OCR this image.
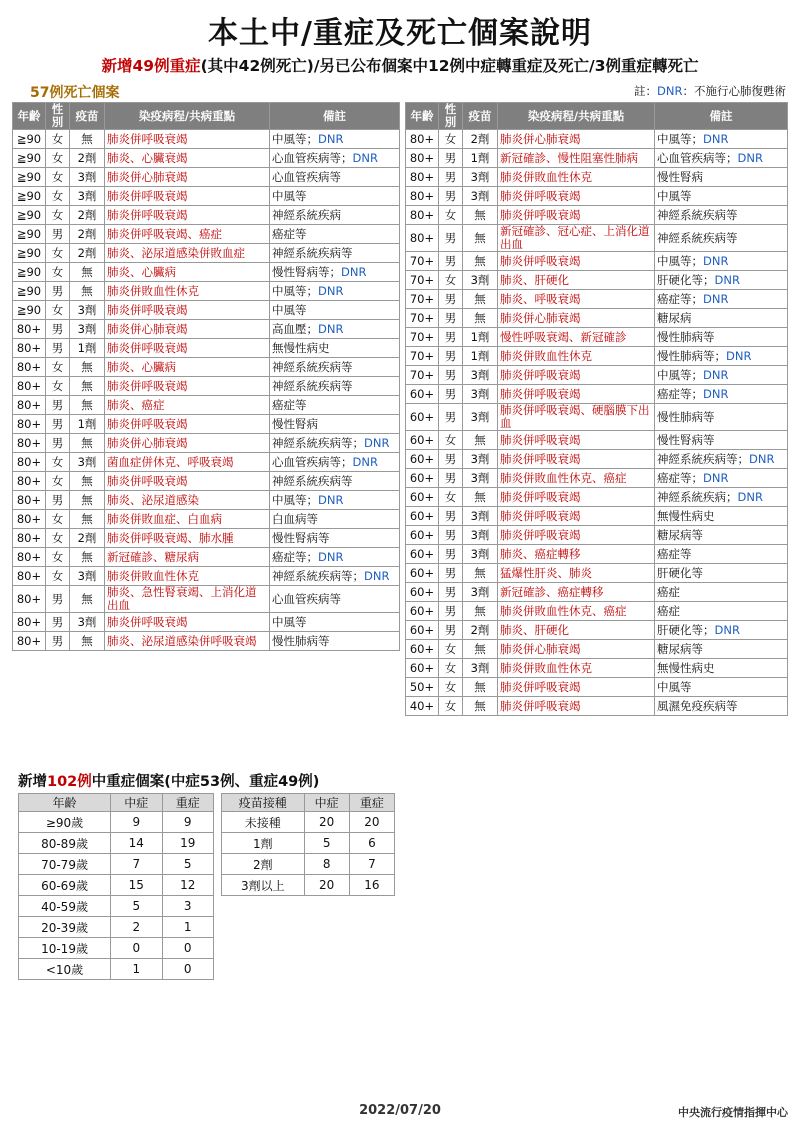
本土中/重症及死亡個案說明
新增49例重症(其中42例死亡)/另已公布個案中12例中症轉重症及死亡/3例重症轉死亡
57例死亡個案	註：DNR：不施行心肺復甦術
年齡	性別	疫苗	染疫病程/共病重點	備註
≧90	女	無	肺炎併呼吸衰竭	中風等；DNR
≧90	女	2劑	肺炎、心臟衰竭	心血管疾病等；DNR
≧90	女	3劑	肺炎併心肺衰竭	心血管疾病等
≧90	女	3劑	肺炎併呼吸衰竭	中風等
≧90	女	2劑	肺炎併呼吸衰竭	神經系統疾病
≧90	男	2劑	肺炎併呼吸衰竭、癌症	癌症等
≧90	女	2劑	肺炎、泌尿道感染併敗血症	神經系統疾病等
≧90	女	無	肺炎、心臟病	慢性腎病等；DNR
≧90	男	無	肺炎併敗血性休克	中風等；DNR
≧90	女	3劑	肺炎併呼吸衰竭	中風等
80+	男	3劑	肺炎併心肺衰竭	高血壓；DNR
80+	男	1劑	肺炎併呼吸衰竭	無慢性病史
80+	女	無	肺炎、心臟病	神經系統疾病等
80+	女	無	肺炎併呼吸衰竭	神經系統疾病等
80+	男	無	肺炎、癌症	癌症等
80+	男	1劑	肺炎併呼吸衰竭	慢性腎病
80+	男	無	肺炎併心肺衰竭	神經系統疾病等；DNR
80+	女	3劑	菌血症併休克、呼吸衰竭	心血管疾病等；DNR
80+	女	無	肺炎併呼吸衰竭	神經系統疾病等
80+	男	無	肺炎、泌尿道感染	中風等；DNR
80+	女	無	肺炎併敗血症、白血病	白血病等
80+	女	2劑	肺炎併呼吸衰竭、肺水腫	慢性腎病等
80+	女	無	新冠確診、糖尿病	癌症等；DNR
80+	女	3劑	肺炎併敗血性休克	神經系統疾病等；DNR
80+	男	無	肺炎、急性腎衰竭、上消化道出血	心血管疾病等
80+	男	3劑	肺炎併呼吸衰竭	中風等
80+	男	無	肺炎、泌尿道感染併呼吸衰竭	慢性肺病等
年齡	性別	疫苗	染疫病程/共病重點	備註
80+	女	2劑	肺炎併心肺衰竭	中風等；DNR
80+	男	1劑	新冠確診、慢性阻塞性肺病	心血管疾病等；DNR
80+	男	3劑	肺炎併敗血性休克	慢性腎病
80+	男	3劑	肺炎併呼吸衰竭	中風等
80+	女	無	肺炎併呼吸衰竭	神經系統疾病等
80+	男	無	新冠確診、冠心症、上消化道出血	神經系統疾病等
70+	男	無	肺炎併呼吸衰竭	中風等；DNR
70+	女	3劑	肺炎、肝硬化	肝硬化等；DNR
70+	男	無	肺炎、呼吸衰竭	癌症等；DNR
70+	男	無	肺炎併心肺衰竭	糖尿病
70+	男	1劑	慢性呼吸衰竭、新冠確診	慢性肺病等
70+	男	1劑	肺炎併敗血性休克	慢性肺病等；DNR
70+	男	3劑	肺炎併呼吸衰竭	中風等；DNR
60+	男	3劑	肺炎併呼吸衰竭	癌症等；DNR
60+	男	3劑	肺炎併呼吸衰竭、硬腦膜下出血	慢性肺病等
60+	女	無	肺炎併呼吸衰竭	慢性腎病等
60+	男	3劑	肺炎併呼吸衰竭	神經系統疾病等；DNR
60+	男	3劑	肺炎併敗血性休克、癌症	癌症等；DNR
60+	女	無	肺炎併呼吸衰竭	神經系統疾病；DNR
60+	男	3劑	肺炎併呼吸衰竭	無慢性病史
60+	男	3劑	肺炎併呼吸衰竭	糖尿病等
60+	男	3劑	肺炎、癌症轉移	癌症等
60+	男	無	猛爆性肝炎、肺炎	肝硬化等
60+	男	3劑	新冠確診、癌症轉移	癌症
60+	男	無	肺炎併敗血性休克、癌症	癌症
60+	男	2劑	肺炎、肝硬化	肝硬化等；DNR
60+	女	無	肺炎併心肺衰竭	糖尿病等
60+	女	3劑	肺炎併敗血性休克	無慢性病史
50+	女	無	肺炎併呼吸衰竭	中風等
40+	女	無	肺炎併呼吸衰竭	風濕免疫疾病等
新增102例中重症個案(中症53例、重症49例)
年齡	中症	重症
≥90歲	9	9
80-89歲	14	19
70-79歲	7	5
60-69歲	15	12
40-59歲	5	3
20-39歲	2	1
10-19歲	0	0
<10歲	1	0
疫苗接種	中症	重症
未接種	20	20
1劑	5	6
2劑	8	7
3劑以上	20	16
2022/07/20	中央流行疫情指揮中心
